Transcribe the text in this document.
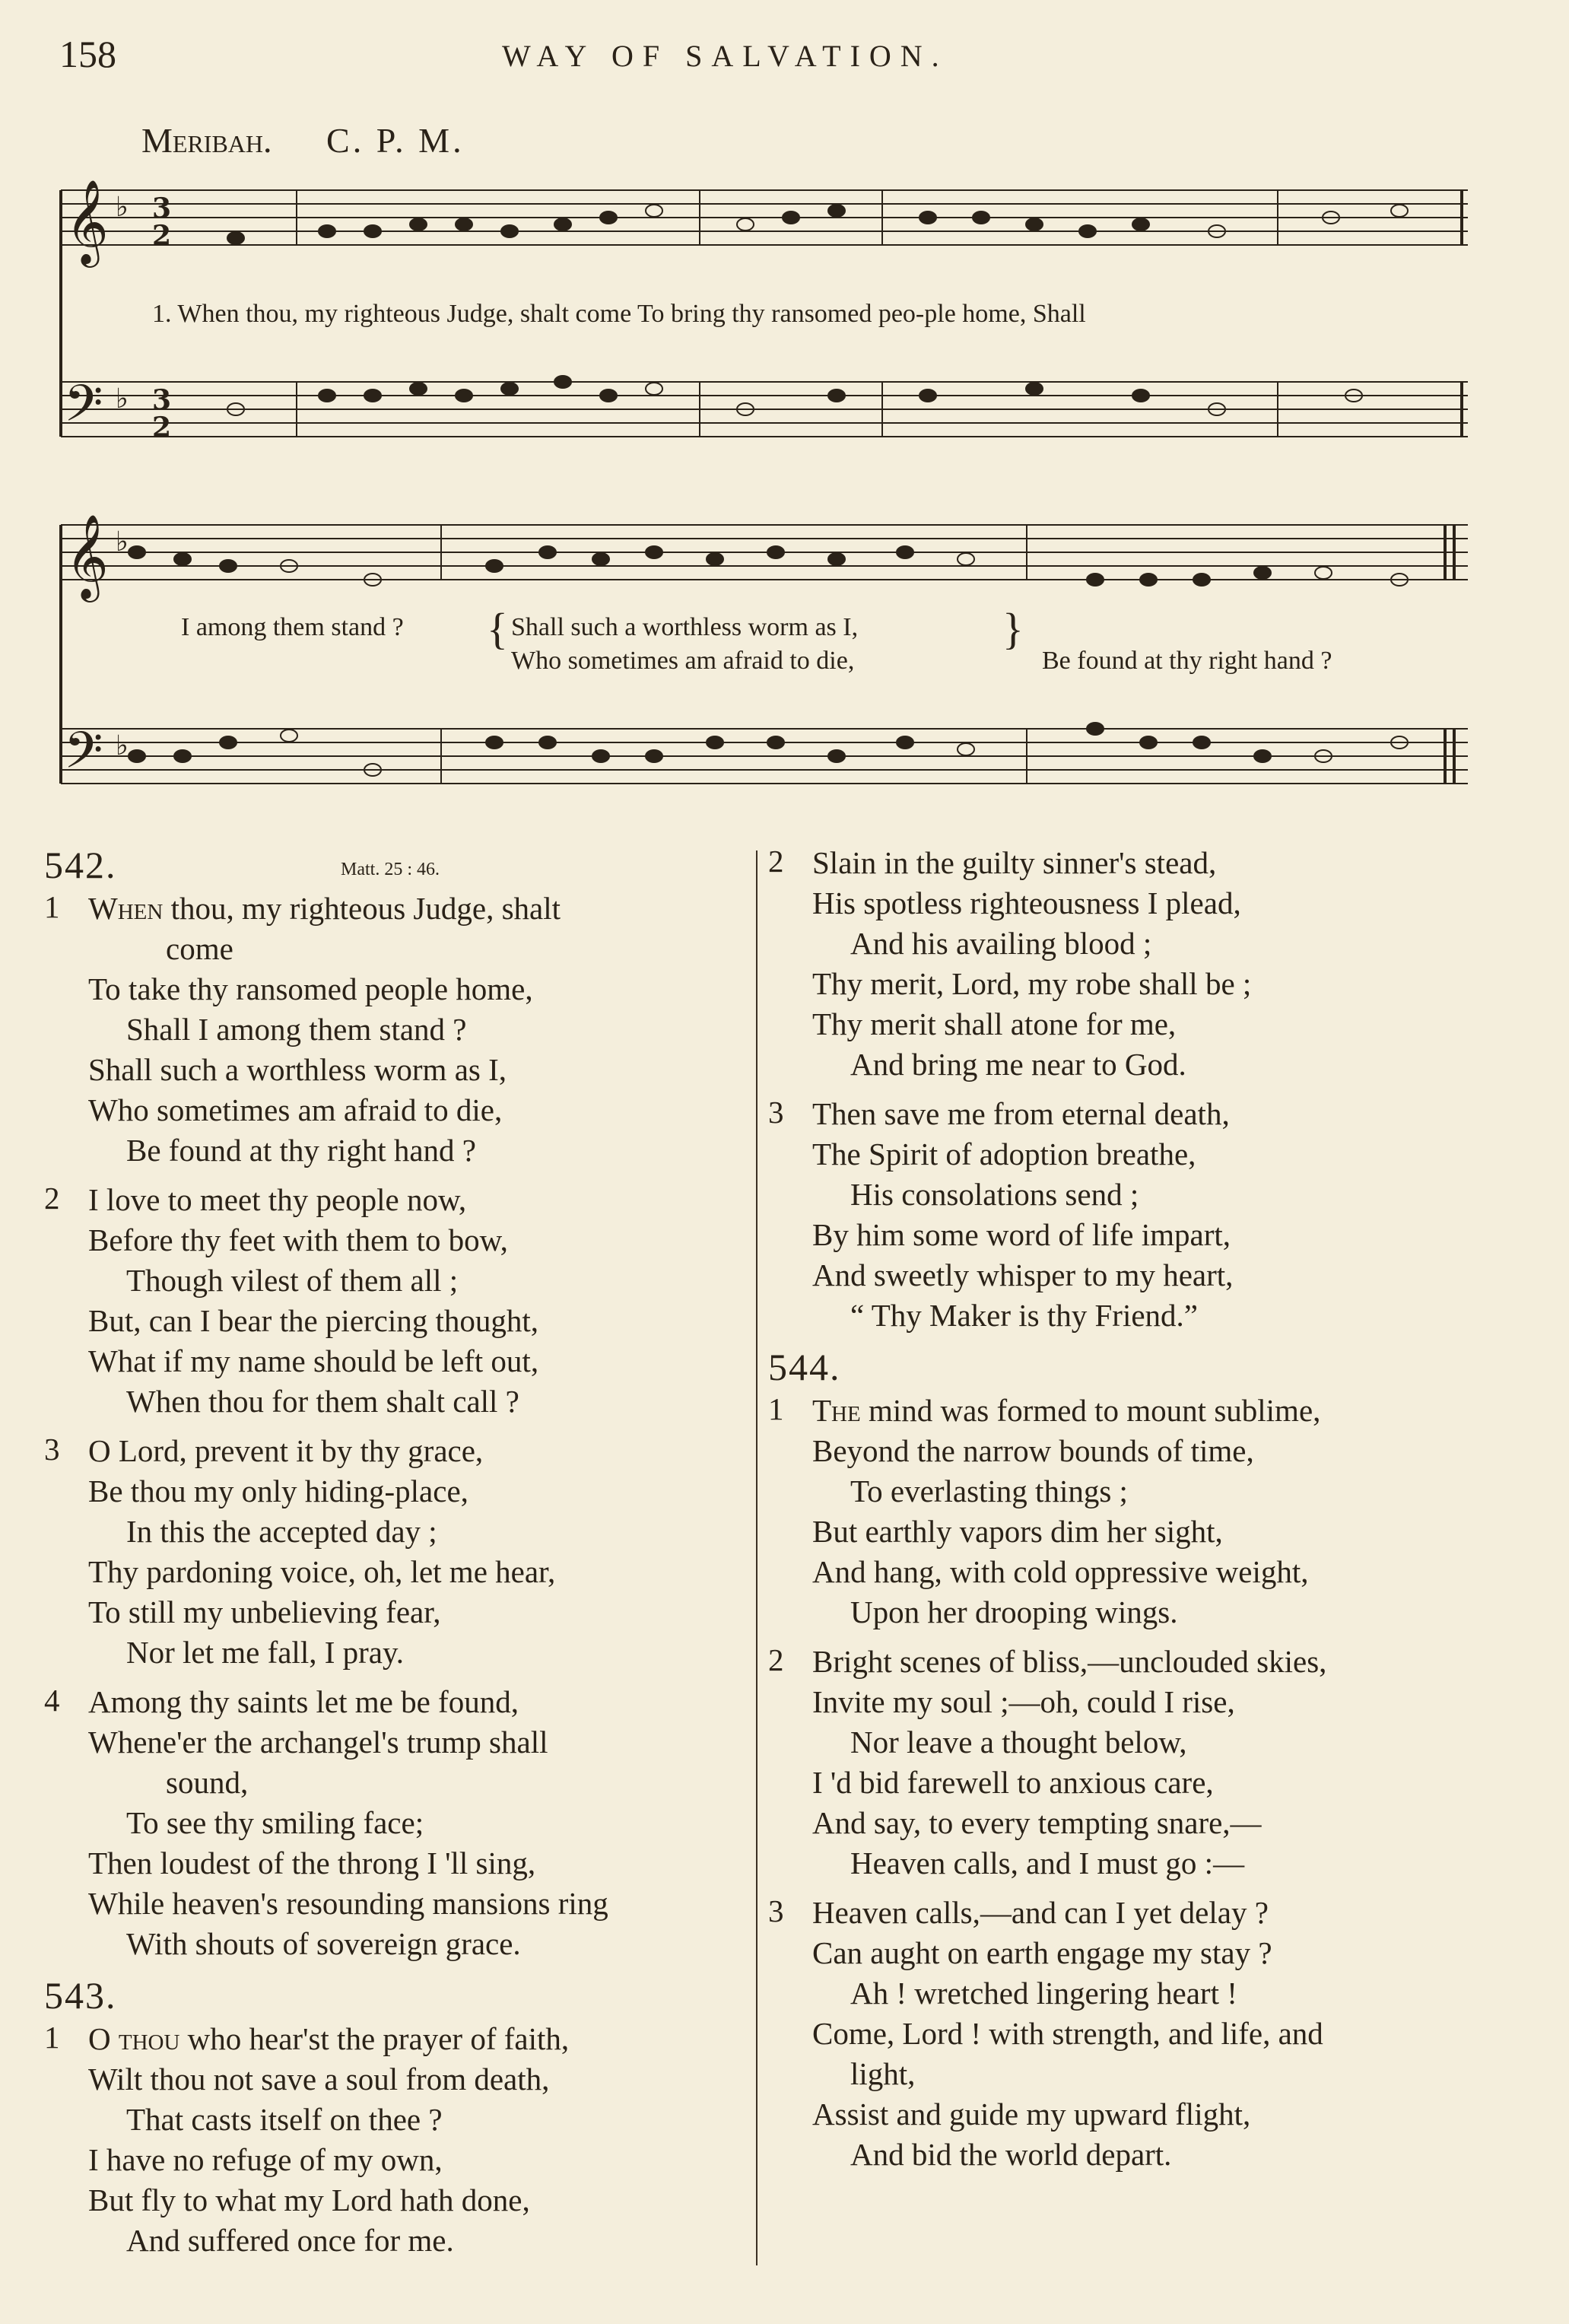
158	WAY OF SALVATION.
Meribah. C. P. M.
𝄞
𝄢
𝄞
𝄢
♭
♭
♭
♭
3
2
3
2
1. When thou, my righteous Judge, shalt come To bring thy ransomed peo-ple home, Shall
I among them stand ? { Shall such a worthless worm as I,
Who sometimes am afraid to die,
}
Be found at thy right hand ?
542.	Matt. 25 : 46.
1 When thou, my righteous Judge, shalt
come
To take thy ransomed people home,
Shall I among them stand ?
Shall such a worthless worm as I,
Who sometimes am afraid to die,
Be found at thy right hand ?
2 I love to meet thy people now,
Before thy feet with them to bow,
Though vilest of them all ;
But, can I bear the piercing thought,
What if my name should be left out,
When thou for them shalt call ?
3 O Lord, prevent it by thy grace,
Be thou my only hiding-place,
In this the accepted day ;
Thy pardoning voice, oh, let me hear,
To still my unbelieving fear,
Nor let me fall, I pray.
4 Among thy saints let me be found,
Whene'er the archangel's trump shall
sound,
To see thy smiling face;
Then loudest of the throng I 'll sing,
While heaven's resounding mansions ring
With shouts of sovereign grace.
543.
1 O thou who hear'st the prayer of faith,
Wilt thou not save a soul from death,
That casts itself on thee ?
I have no refuge of my own,
But fly to what my Lord hath done,
And suffered once for me.
2 Slain in the guilty sinner's stead,
His spotless righteousness I plead,
And his availing blood ;
Thy merit, Lord, my robe shall be ;
Thy merit shall atone for me,
And bring me near to God.
3 Then save me from eternal death,
The Spirit of adoption breathe,
His consolations send ;
By him some word of life impart,
And sweetly whisper to my heart,
“ Thy Maker is thy Friend.”
544.
1 The mind was formed to mount sublime,
Beyond the narrow bounds of time,
To everlasting things ;
But earthly vapors dim her sight,
And hang, with cold oppressive weight,
Upon her drooping wings.
2 Bright scenes of bliss,—unclouded skies,
Invite my soul ;—oh, could I rise,
Nor leave a thought below,
I 'd bid farewell to anxious care,
And say, to every tempting snare,—
Heaven calls, and I must go :—
3 Heaven calls,—and can I yet delay ?
Can aught on earth engage my stay ?
Ah ! wretched lingering heart !
Come, Lord ! with strength, and life, and
light,
Assist and guide my upward flight,
And bid the world depart.
